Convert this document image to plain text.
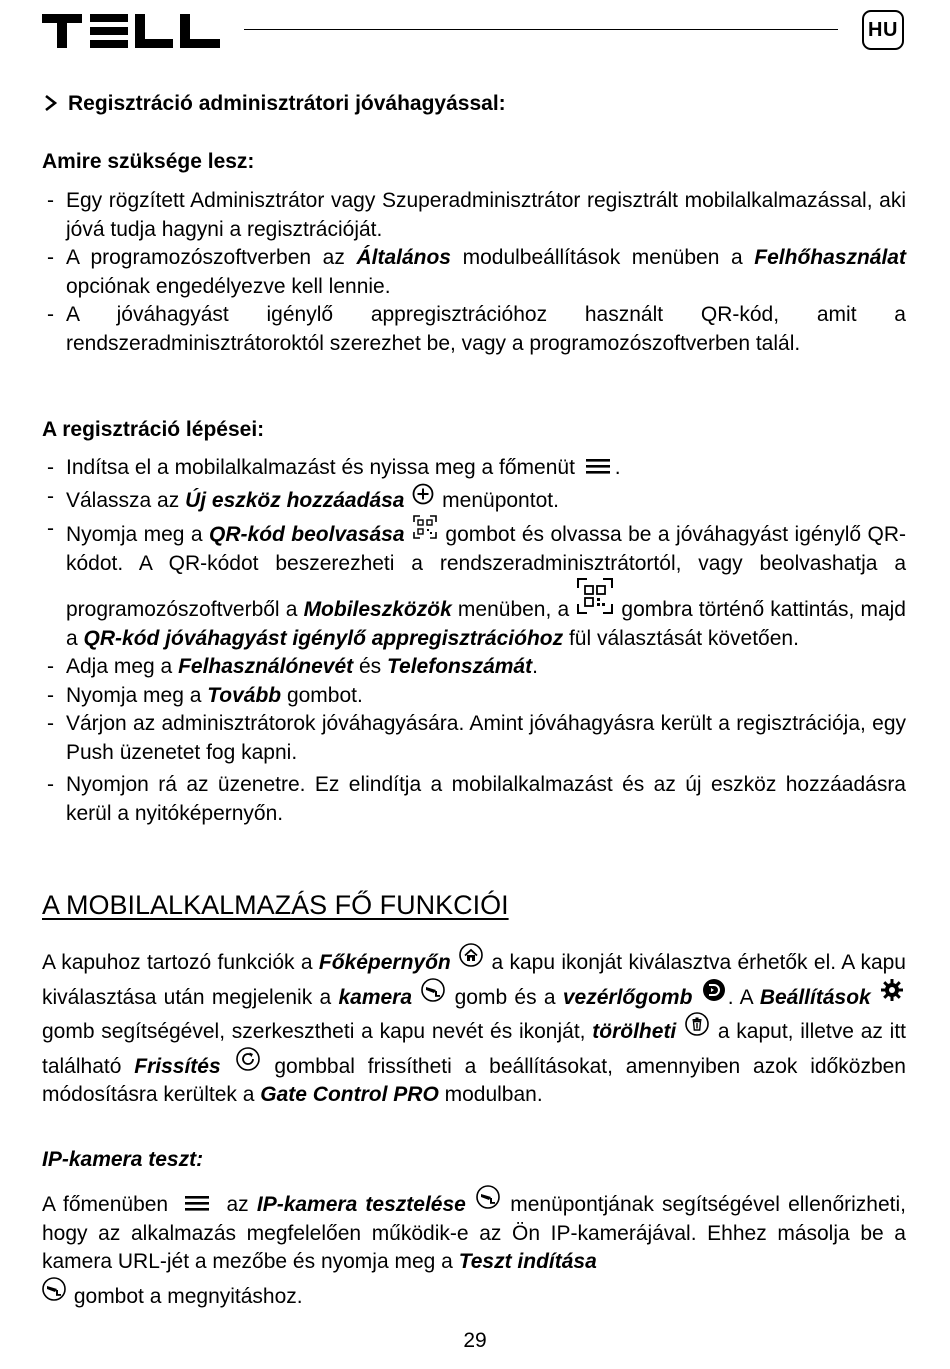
HU
Regisztráció adminisztrátori jóváhagyással:
Amire szüksége lesz:
- Egy rögzített Adminisztrátor vagy Szuperadminisztrátor regisztrált mobilalkalmazással, aki jóvá tudja hagyni a regisztrációját.
- A programozószoftverben az Általános modulbeállítások menüben a Felhőhasználat opciónak engedélyezve kell lennie.
- A jóváhagyást igénylő appregisztrációhoz használt QR-kód, amit a rendszeradminisztrátoroktól szerezhet be, vagy a programozószoftverben talál.
A regisztráció lépései:
- Indítsa el a mobilalkalmazást és nyissa meg a főmenüt .
- Válassza az Új eszköz hozzáadása  menüpontot.
- Nyomja meg a QR-kód beolvasása  gombot és olvassa be a jóváhagyást igénylő QR-kódot. A QR-kódot beszerezheti a rendszeradminisztrátortól, vagy beolvashatja a programozószoftverből a Mobileszközök menüben, a  gombra történő kattintás, majd a QR-kód jóváhagyást igénylő appregisztrációhoz fül választását követően.
- Adja meg a Felhasználónevét és Telefonszámát.
- Nyomja meg a Tovább gombot.
- Várjon az adminisztrátorok jóváhagyására. Amint jóváhagyásra került a regisztrációja, egy Push üzenetet fog kapni.
- Nyomjon rá az üzenetre. Ez elindítja a mobilalkalmazást és az új eszköz hozzáadásra kerül a nyitóképernyőn.
A MOBILALKALMAZÁS FŐ FUNKCIÓI
A kapuhoz tartozó funkciók a Főképernyőn  a kapu ikonját kiválasztva érhetők el. A kapu kiválasztása után megjelenik a kamera  gomb és a vezérlőgomb . A Beállítások  gomb segítségével, szerkesztheti a kapu nevét és ikonját, törölheti  a kaput, illetve az itt található Frissítés  gombbal frissítheti a beállításokat, amennyiben azok időközben módosításra kerültek a Gate Control PRO modulban.
IP-kamera teszt:
A főmenüben  az IP-kamera tesztelése  menüpontjának segítségével ellenőrizheti, hogy az alkalmazás megfelelően működik-e az Ön IP-kamerájával. Ehhez másolja be a kamera URL-jét a mezőbe és nyomja meg a Teszt indítása
gombot a megnyitáshoz.
29
